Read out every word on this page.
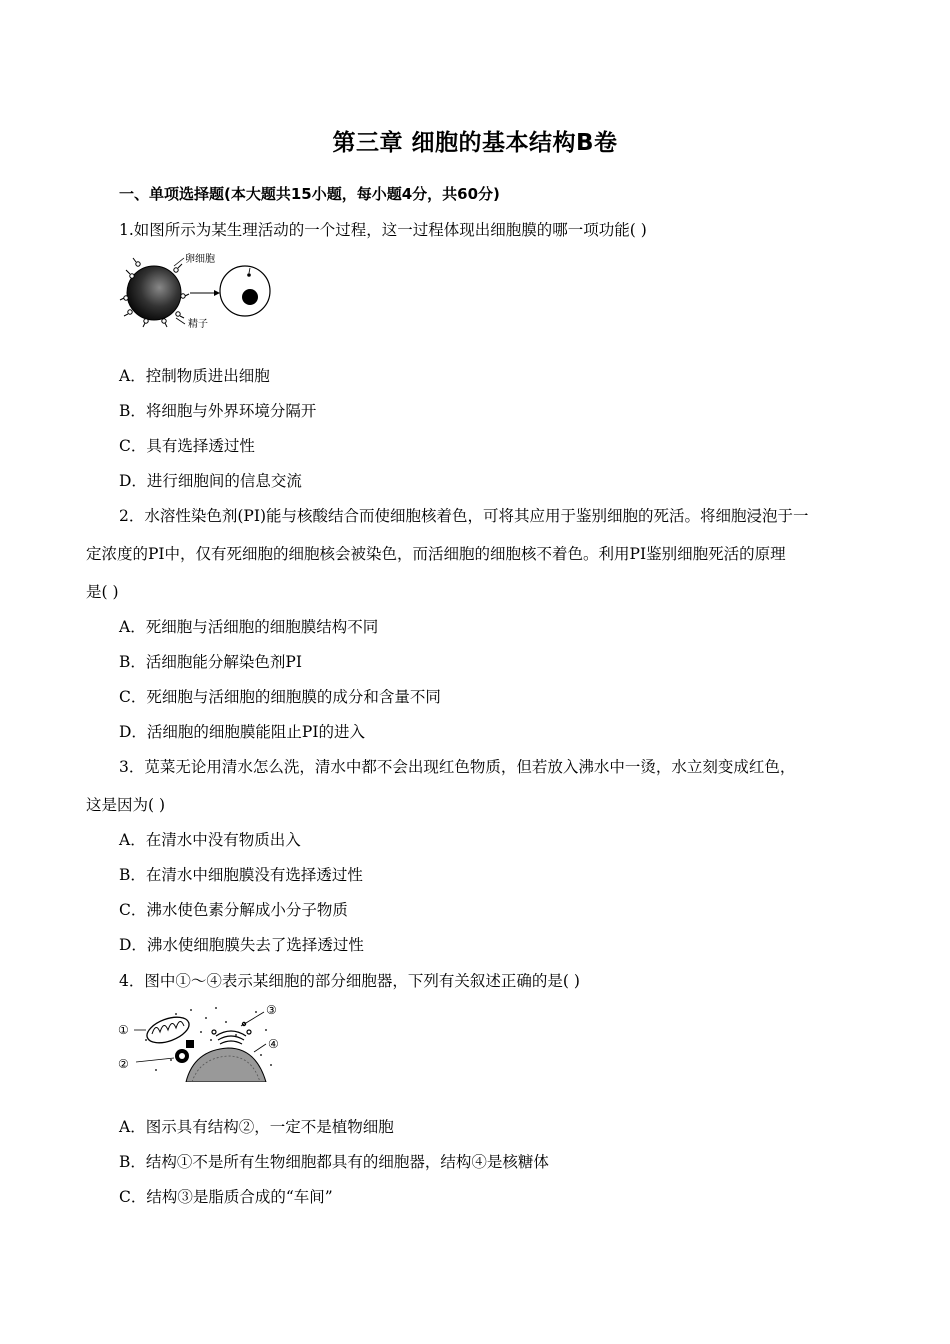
第三章 细胞的基本结构B卷
一、单项选择题(本大题共15小题，每小题4分，共60分)
1.如图所示为某生理活动的一个过程，这一过程体现出细胞膜的哪一项功能( )
卵细胞
精子
A．控制物质进出细胞
B．将细胞与外界环境分隔开
C．具有选择透过性
D．进行细胞间的信息交流
2．水溶性染色剂(PI)能与核酸结合而使细胞核着色，可将其应用于鉴别细胞的死活。将细胞浸泡于一
定浓度的PI中，仅有死细胞的细胞核会被染色，而活细胞的细胞核不着色。利用PI鉴别细胞死活的原理
是( )
A．死细胞与活细胞的细胞膜结构不同
B．活细胞能分解染色剂PI
C．死细胞与活细胞的细胞膜的成分和含量不同
D．活细胞的细胞膜能阻止PI的进入
3．苋菜无论用清水怎么洗，清水中都不会出现红色物质，但若放入沸水中一烫，水立刻变成红色，
这是因为( )
A．在清水中没有物质出入
B．在清水中细胞膜没有选择透过性
C．沸水使色素分解成小分子物质
D．沸水使细胞膜失去了选择透过性
4．图中①～④表示某细胞的部分细胞器，下列有关叙述正确的是( )
①
②
③
④
A．图示具有结构②，一定不是植物细胞
B．结构①不是所有生物细胞都具有的细胞器，结构④是核糖体
C．结构③是脂质合成的“车间”
